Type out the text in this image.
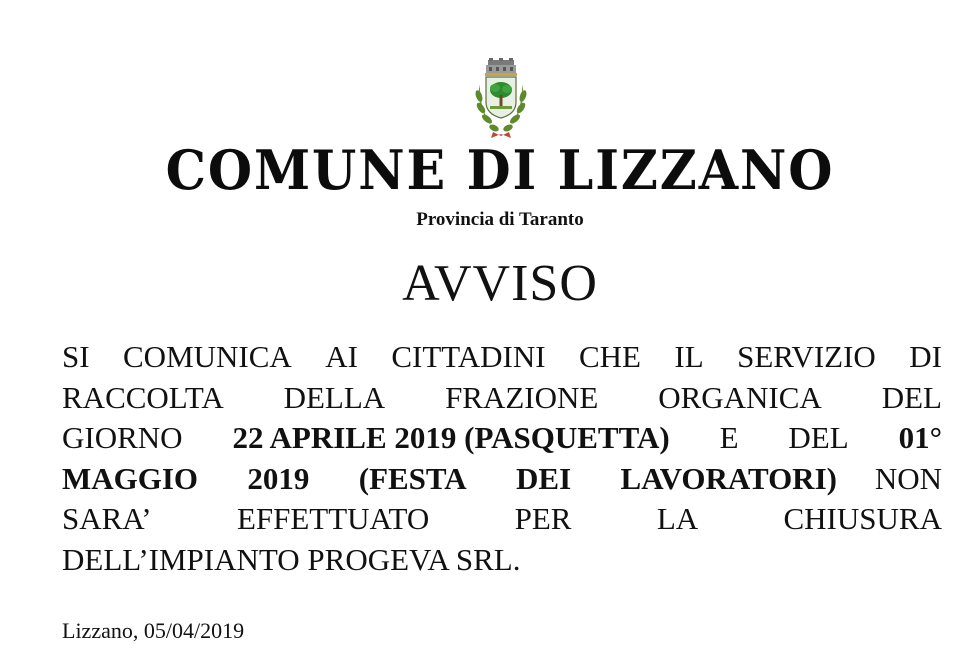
COMUNE DI LIZZANO
Provincia di Taranto
AVVISO
SI COMUNICA AI CITTADINI CHE IL SERVIZIO DI
RACCOLTA DELLA FRAZIONE ORGANICA DEL
GIORNO 22 APRILE 2019 (PASQUETTA) E DEL 01°
MAGGIO 2019 (FESTA DEI LAVORATORI) NON
SARA’	EFFETTUATO	PER	LA	CHIUSURA
DELL’IMPIANTO PROGEVA SRL.
Lizzano, 05/04/2019
